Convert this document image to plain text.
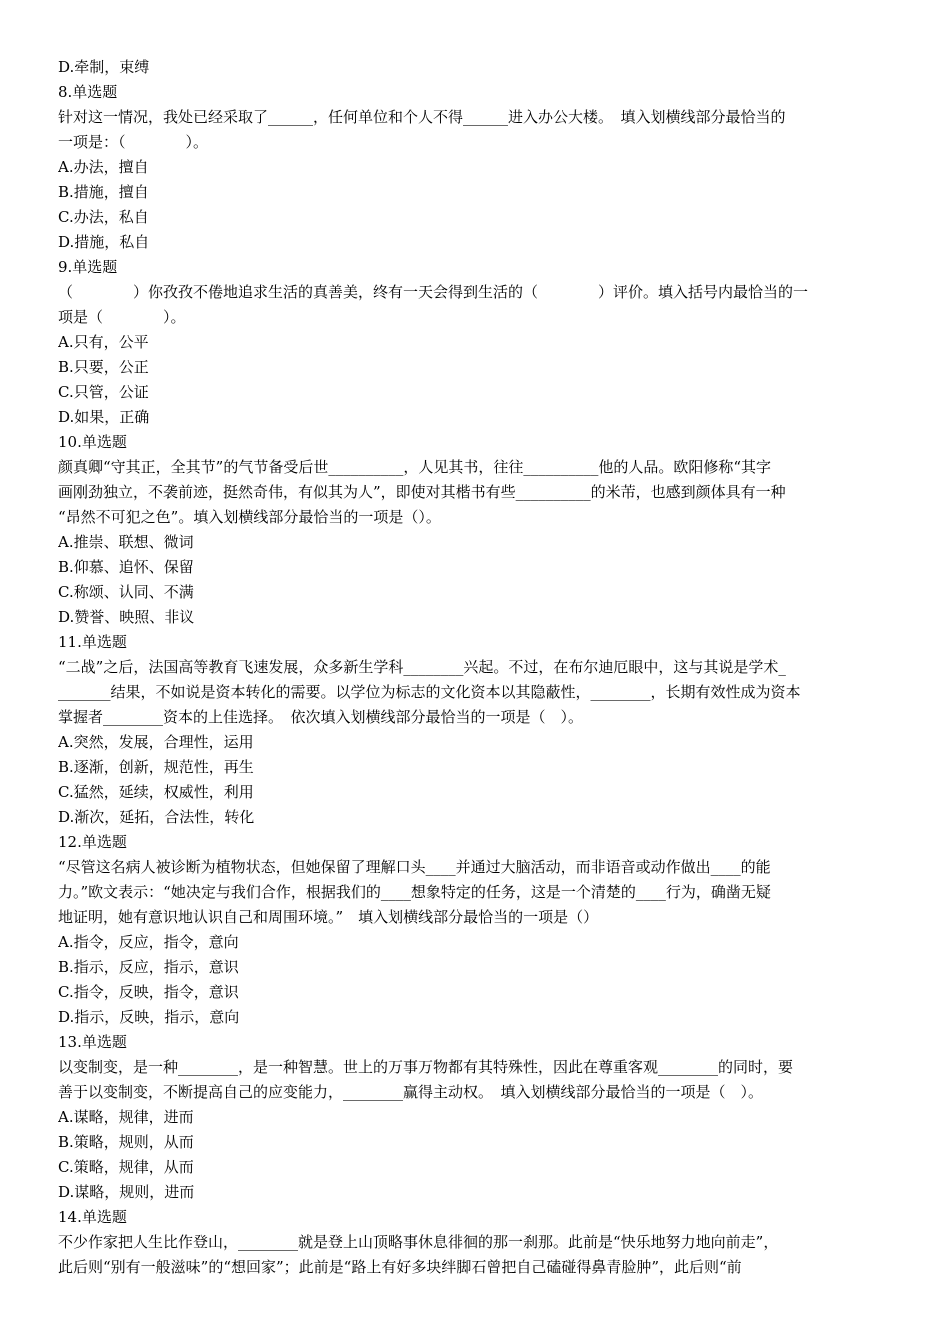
D.牵制，束缚
8.单选题
针对这一情况，我处已经采取了______，任何单位和个人不得______进入办公大楼。　填入划横线部分最恰当的
一项是：（　　　　）。
A.办法，擅自
B.措施，擅自
C.办法，私自
D.措施，私自
9.单选题
（　　　　）你孜孜不倦地追求生活的真善美，终有一天会得到生活的（　　　　）评价。填入括号内最恰当的一
项是（　　　　）。
A.只有，公平
B.只要，公正
C.只管，公证
D.如果，正确
10.单选题
颜真卿“守其正，全其节”的气节备受后世__________，人见其书，往往__________他的人品。欧阳修称“其字
画刚劲独立，不袭前迹，挺然奇伟，有似其为人”，即使对其楷书有些__________的米芾，也感到颜体具有一种
“昂然不可犯之色”。填入划横线部分最恰当的一项是（）。
A.推崇、联想、微词
B.仰慕、追怀、保留
C.称颂、认同、不满
D.赞誉、映照、非议
11.单选题
“二战”之后，法国高等教育飞速发展，众多新生学科________兴起。不过，在布尔迪厄眼中，这与其说是学术_
_______结果，不如说是资本转化的需要。以学位为标志的文化资本以其隐蔽性，________，长期有效性成为资本
掌握者________资本的上佳选择。　依次填入划横线部分最恰当的一项是（　）。
A.突然，发展，合理性，运用
B.逐渐，创新，规范性，再生
C.猛然，延续，权威性，利用
D.渐次，延拓，合法性，转化
12.单选题
“尽管这名病人被诊断为植物状态，但她保留了理解口头____并通过大脑活动，而非语音或动作做出____的能
力。”欧文表示：“她决定与我们合作，根据我们的____想象特定的任务，这是一个清楚的____行为，确凿无疑
地证明，她有意识地认识自己和周围环境。”　填入划横线部分最恰当的一项是（）
A.指令，反应，指令，意向
B.指示，反应，指示，意识
C.指令，反映，指令，意识
D.指示，反映，指示，意向
13.单选题
以变制变，是一种________，是一种智慧。世上的万事万物都有其特殊性，因此在尊重客观________的同时，要
善于以变制变，不断提高自己的应变能力，________赢得主动权。　填入划横线部分最恰当的一项是（　）。
A.谋略，规律，进而
B.策略，规则，从而
C.策略，规律，从而
D.谋略，规则，进而
14.单选题
不少作家把人生比作登山，________就是登上山顶略事休息徘徊的那一刹那。此前是“快乐地努力地向前走”，
此后则“别有一般滋味”的“想回家”；此前是“路上有好多块绊脚石曾把自己磕碰得鼻青脸肿”，此后则“前
